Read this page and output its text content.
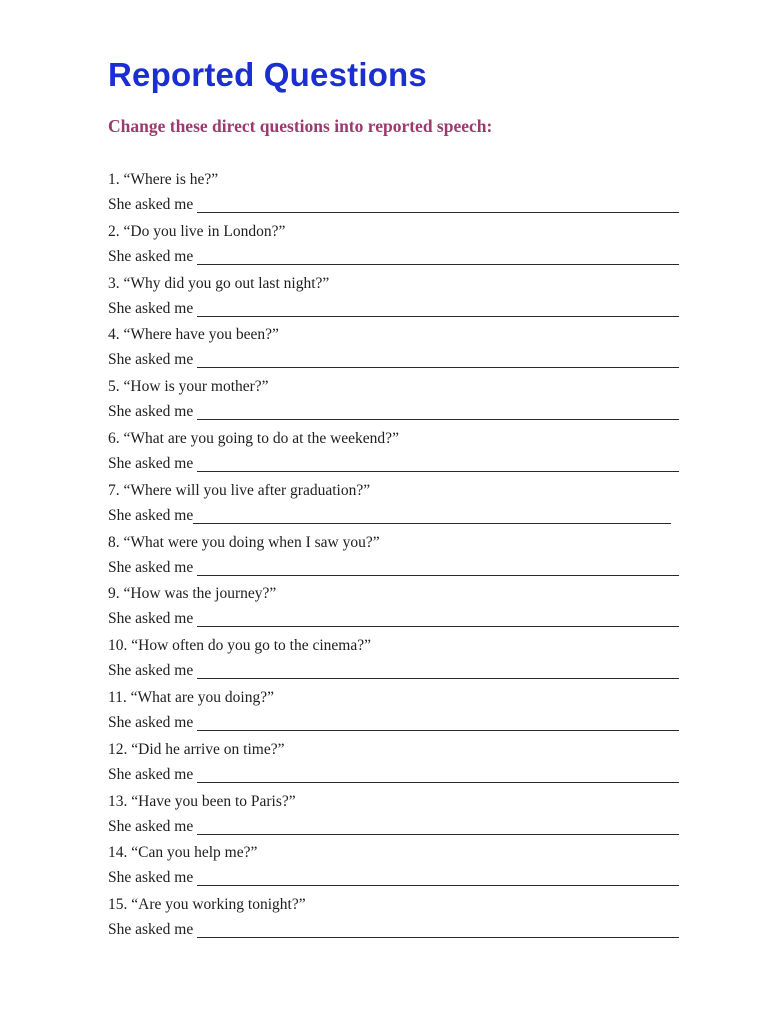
Reported Questions
Change these direct questions into reported speech:
1. “Where is he?”
She asked me
2. “Do you live in London?”
She asked me
3. “Why did you go out last night?”
She asked me
4. “Where have you been?”
She asked me
5. “How is your mother?”
She asked me
6. “What are you going to do at the weekend?”
She asked me
7. “Where will you live after graduation?”
She asked me
8. “What were you doing when I saw you?”
She asked me
9. “How was the journey?”
She asked me
10. “How often do you go to the cinema?”
She asked me
11. “What are you doing?”
She asked me
12. “Did he arrive on time?”
She asked me
13. “Have you been to Paris?”
She asked me
14. “Can you help me?”
She asked me
15. “Are you working tonight?”
She asked me
